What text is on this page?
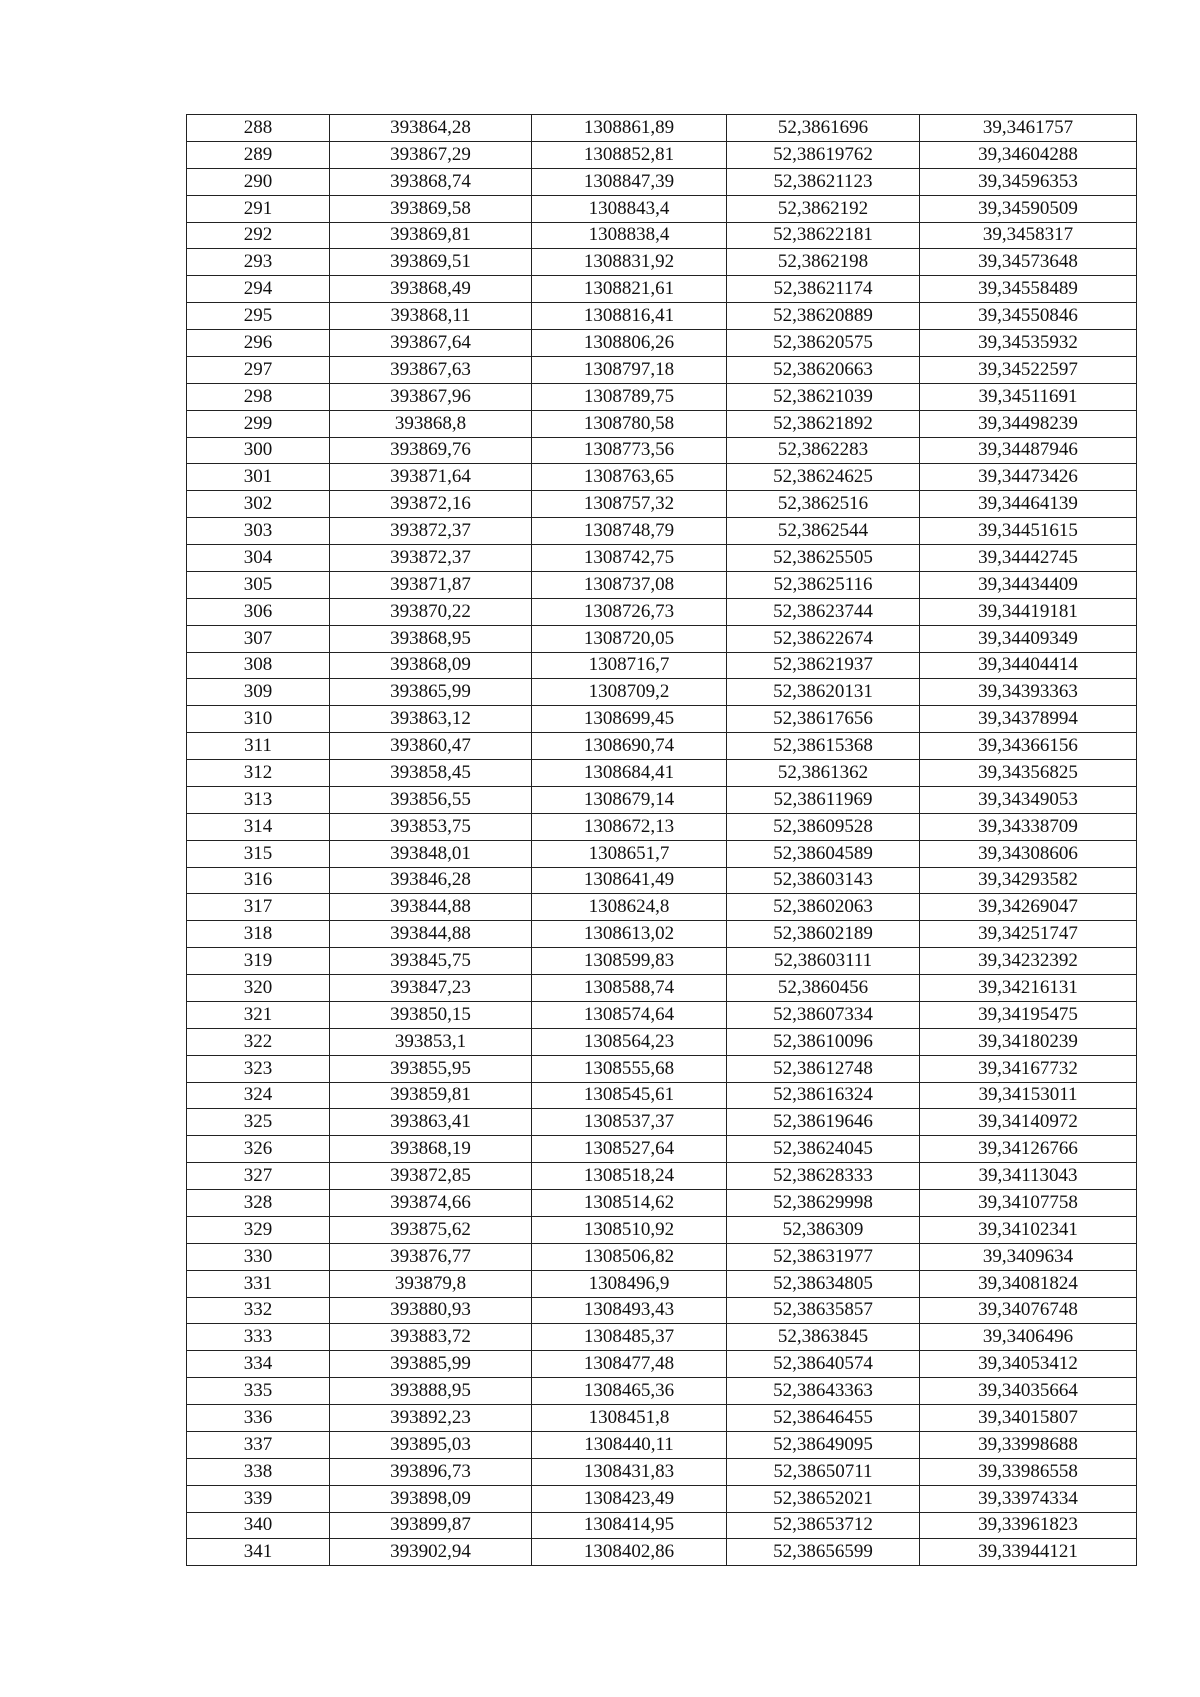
288	393864,28	1308861,89	52,3861696	39,3461757
289	393867,29	1308852,81	52,38619762	39,34604288
290	393868,74	1308847,39	52,38621123	39,34596353
291	393869,58	1308843,4	52,3862192	39,34590509
292	393869,81	1308838,4	52,38622181	39,3458317
293	393869,51	1308831,92	52,3862198	39,34573648
294	393868,49	1308821,61	52,38621174	39,34558489
295	393868,11	1308816,41	52,38620889	39,34550846
296	393867,64	1308806,26	52,38620575	39,34535932
297	393867,63	1308797,18	52,38620663	39,34522597
298	393867,96	1308789,75	52,38621039	39,34511691
299	393868,8	1308780,58	52,38621892	39,34498239
300	393869,76	1308773,56	52,3862283	39,34487946
301	393871,64	1308763,65	52,38624625	39,34473426
302	393872,16	1308757,32	52,3862516	39,34464139
303	393872,37	1308748,79	52,3862544	39,34451615
304	393872,37	1308742,75	52,38625505	39,34442745
305	393871,87	1308737,08	52,38625116	39,34434409
306	393870,22	1308726,73	52,38623744	39,34419181
307	393868,95	1308720,05	52,38622674	39,34409349
308	393868,09	1308716,7	52,38621937	39,34404414
309	393865,99	1308709,2	52,38620131	39,34393363
310	393863,12	1308699,45	52,38617656	39,34378994
311	393860,47	1308690,74	52,38615368	39,34366156
312	393858,45	1308684,41	52,3861362	39,34356825
313	393856,55	1308679,14	52,38611969	39,34349053
314	393853,75	1308672,13	52,38609528	39,34338709
315	393848,01	1308651,7	52,38604589	39,34308606
316	393846,28	1308641,49	52,38603143	39,34293582
317	393844,88	1308624,8	52,38602063	39,34269047
318	393844,88	1308613,02	52,38602189	39,34251747
319	393845,75	1308599,83	52,38603111	39,34232392
320	393847,23	1308588,74	52,3860456	39,34216131
321	393850,15	1308574,64	52,38607334	39,34195475
322	393853,1	1308564,23	52,38610096	39,34180239
323	393855,95	1308555,68	52,38612748	39,34167732
324	393859,81	1308545,61	52,38616324	39,34153011
325	393863,41	1308537,37	52,38619646	39,34140972
326	393868,19	1308527,64	52,38624045	39,34126766
327	393872,85	1308518,24	52,38628333	39,34113043
328	393874,66	1308514,62	52,38629998	39,34107758
329	393875,62	1308510,92	52,386309	39,34102341
330	393876,77	1308506,82	52,38631977	39,3409634
331	393879,8	1308496,9	52,38634805	39,34081824
332	393880,93	1308493,43	52,38635857	39,34076748
333	393883,72	1308485,37	52,3863845	39,3406496
334	393885,99	1308477,48	52,38640574	39,34053412
335	393888,95	1308465,36	52,38643363	39,34035664
336	393892,23	1308451,8	52,38646455	39,34015807
337	393895,03	1308440,11	52,38649095	39,33998688
338	393896,73	1308431,83	52,38650711	39,33986558
339	393898,09	1308423,49	52,38652021	39,33974334
340	393899,87	1308414,95	52,38653712	39,33961823
341	393902,94	1308402,86	52,38656599	39,33944121
